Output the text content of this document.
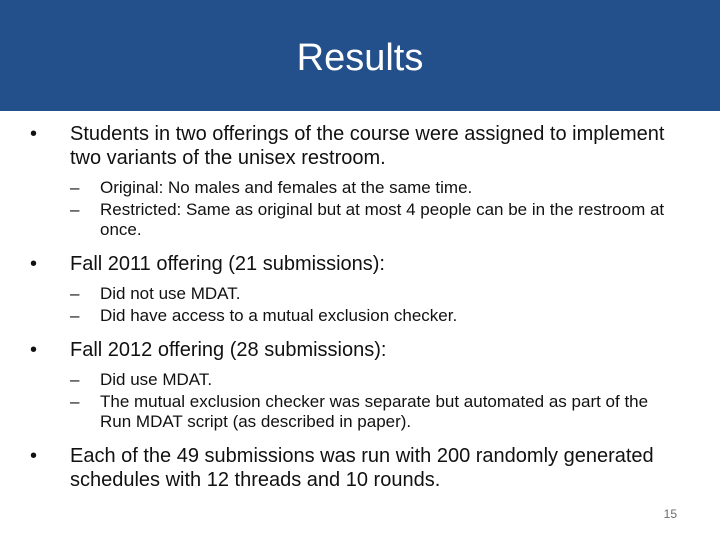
Results
• Students in two offerings of the course were assigned to implement two variants of the unisex restroom.
– Original: No males and females at the same time.
– Restricted: Same as original but at most 4 people can be in the restroom at once.
• Fall 2011 offering (21 submissions):
– Did not use MDAT.
– Did have access to a mutual exclusion checker.
• Fall 2012 offering (28 submissions):
– Did use MDAT.
– The mutual exclusion checker was separate but automated as part of the Run MDAT script (as described in paper).
• Each of the 49 submissions was run with 200 randomly generated schedules with 12 threads and 10 rounds.
15
